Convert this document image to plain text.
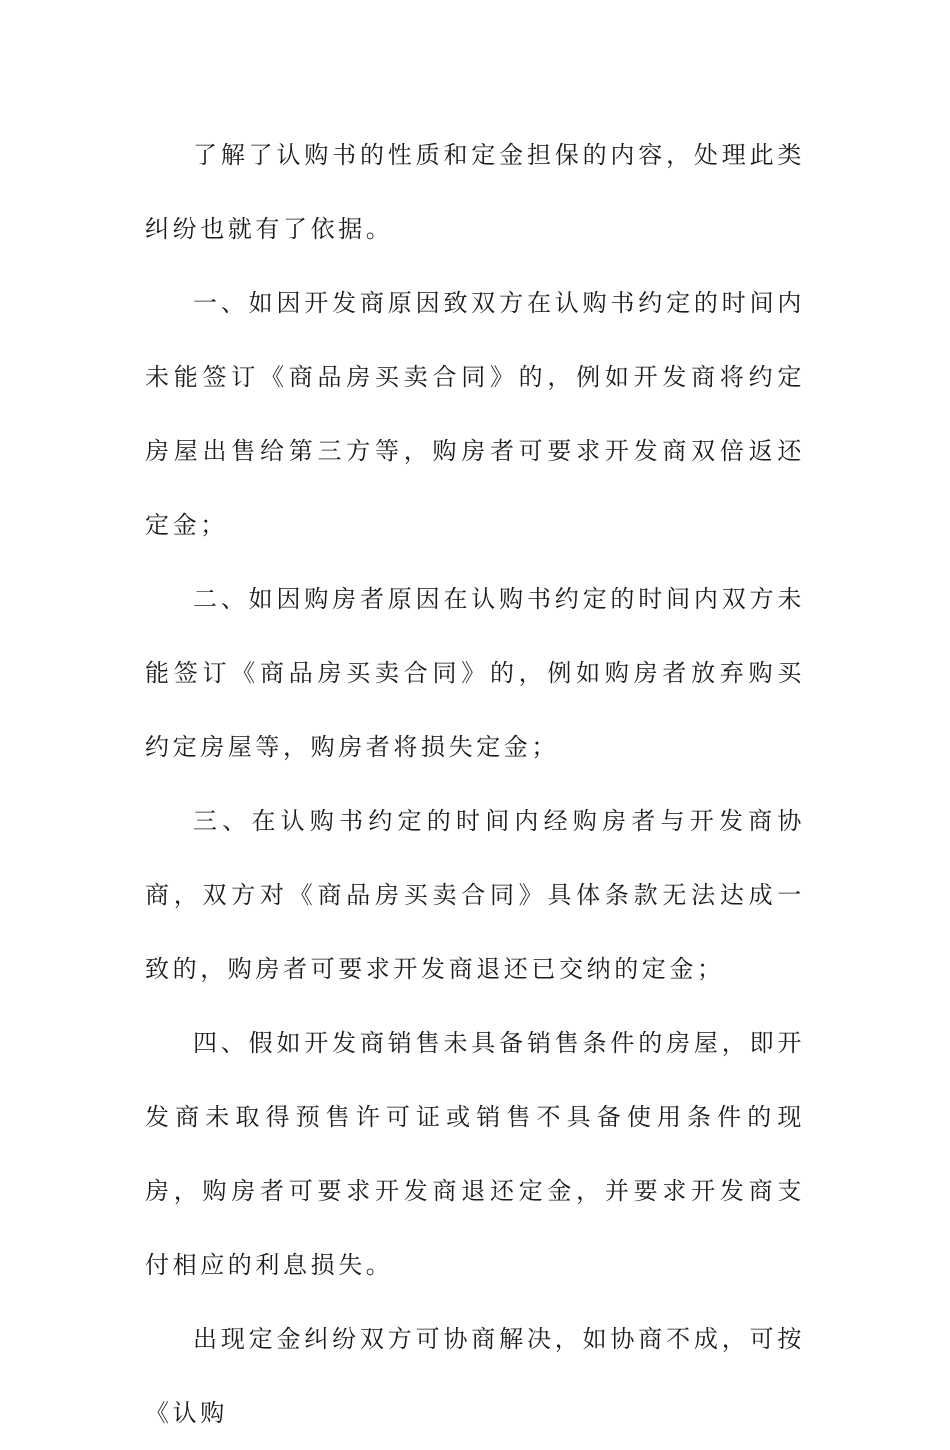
了解了认购书的性质和定金担保的内容，处理此类纠纷也就有了依据。

一、如因开发商原因致双方在认购书约定的时间内未能签订《商品房买卖合同》的，例如开发商将约定房屋出售给第三方等，购房者可要求开发商双倍返还定金；

二、如因购房者原因在认购书约定的时间内双方未能签订《商品房买卖合同》的，例如购房者放弃购买约定房屋等，购房者将损失定金；

三、在认购书约定的时间内经购房者与开发商协商，双方对《商品房买卖合同》具体条款无法达成一致的，购房者可要求开发商退还已交纳的定金；

四、假如开发商销售未具备销售条件的房屋，即开发商未取得预售许可证或销售不具备使用条件的现房，购房者可要求开发商退还定金，并要求开发商支付相应的利息损失。

出现定金纠纷双方可协商解决，如协商不成，可按《认购
